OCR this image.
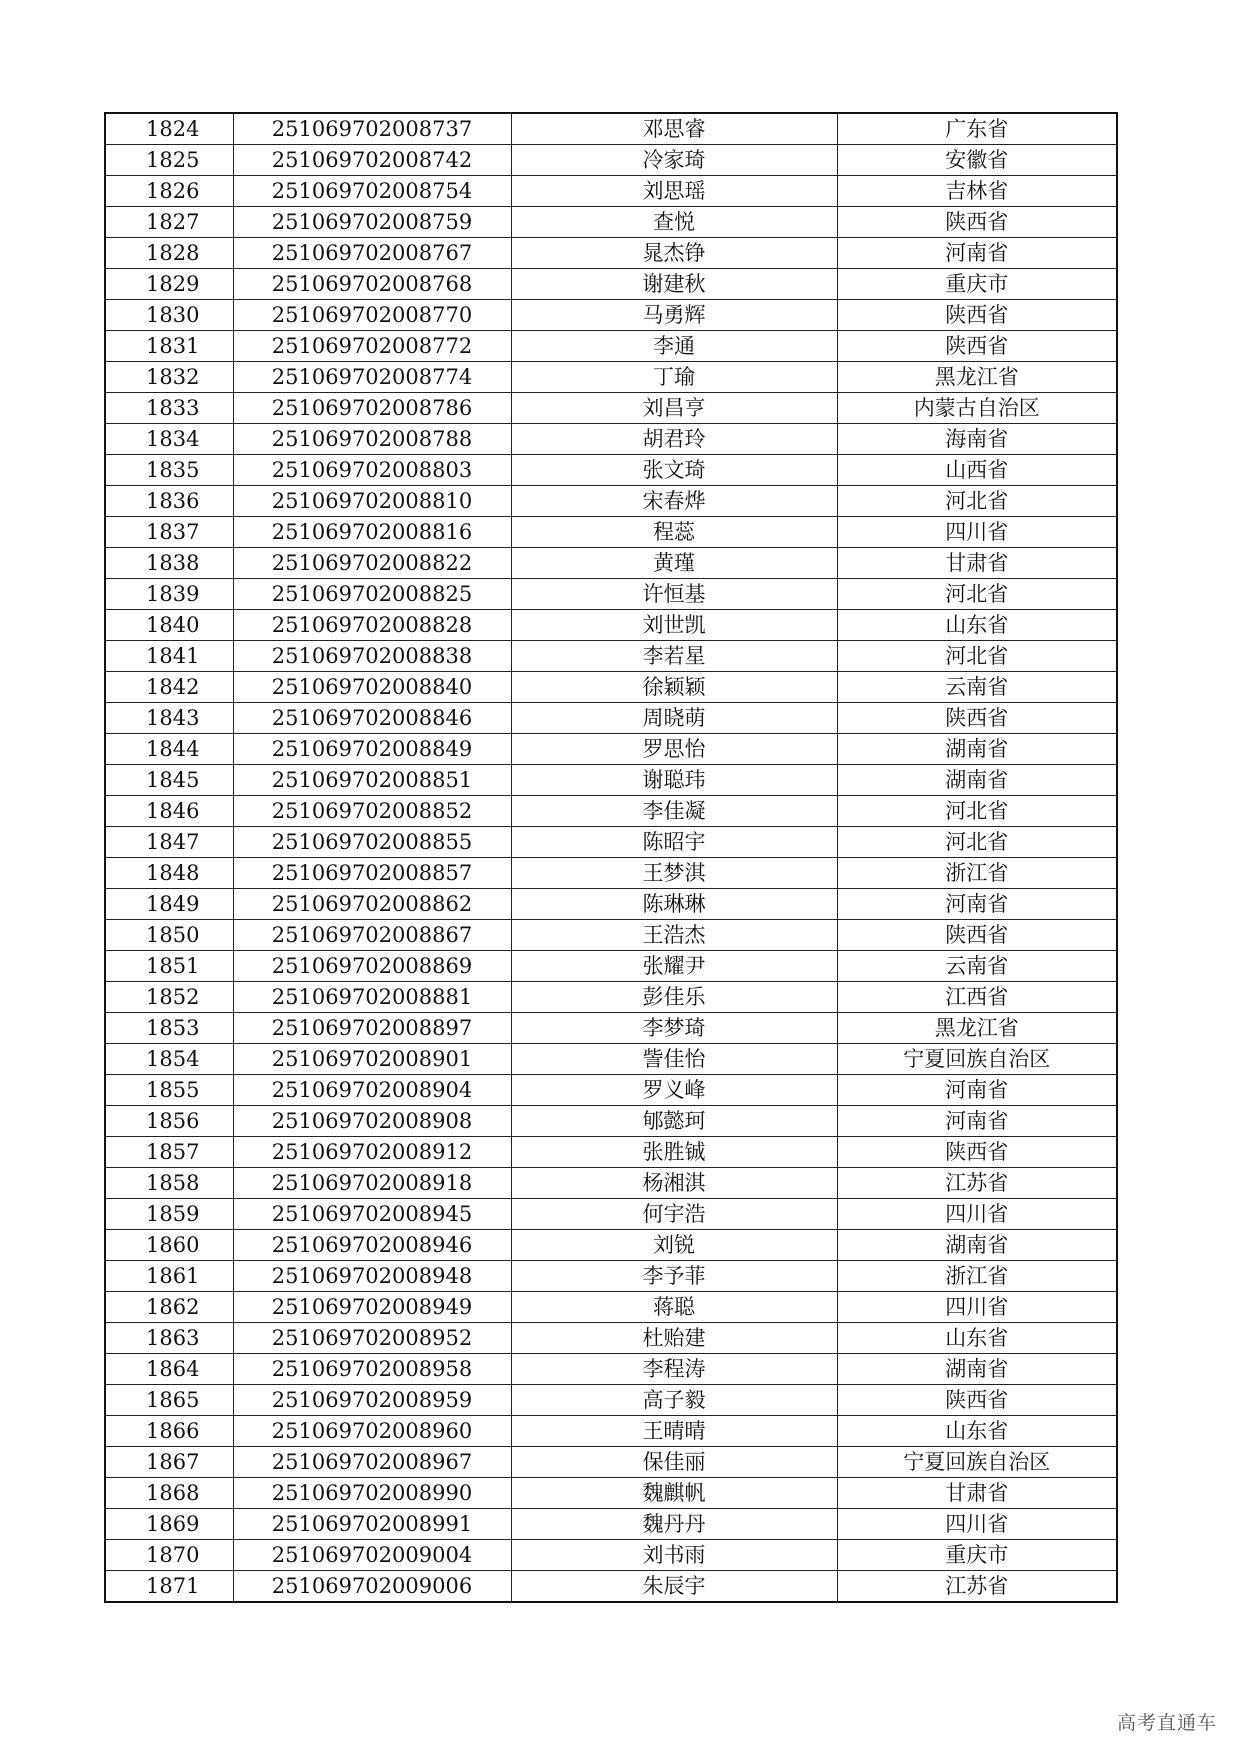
1824	251069702008737	邓思睿	广东省
1825	251069702008742	冷家琦	安徽省
1826	251069702008754	刘思瑶	吉林省
1827	251069702008759	查悦	陕西省
1828	251069702008767	晁杰铮	河南省
1829	251069702008768	谢建秋	重庆市
1830	251069702008770	马勇辉	陕西省
1831	251069702008772	李通	陕西省
1832	251069702008774	丁瑜	黑龙江省
1833	251069702008786	刘昌亨	内蒙古自治区
1834	251069702008788	胡君玲	海南省
1835	251069702008803	张文琦	山西省
1836	251069702008810	宋春烨	河北省
1837	251069702008816	程蕊	四川省
1838	251069702008822	黄瑾	甘肃省
1839	251069702008825	许恒基	河北省
1840	251069702008828	刘世凯	山东省
1841	251069702008838	李若星	河北省
1842	251069702008840	徐颖颖	云南省
1843	251069702008846	周晓萌	陕西省
1844	251069702008849	罗思怡	湖南省
1845	251069702008851	谢聪玮	湖南省
1846	251069702008852	李佳凝	河北省
1847	251069702008855	陈昭宇	河北省
1848	251069702008857	王梦淇	浙江省
1849	251069702008862	陈琳琳	河南省
1850	251069702008867	王浩杰	陕西省
1851	251069702008869	张耀尹	云南省
1852	251069702008881	彭佳乐	江西省
1853	251069702008897	李梦琦	黑龙江省
1854	251069702008901	訾佳怡	宁夏回族自治区
1855	251069702008904	罗义峰	河南省
1856	251069702008908	郇懿珂	河南省
1857	251069702008912	张胜铖	陕西省
1858	251069702008918	杨湘淇	江苏省
1859	251069702008945	何宇浩	四川省
1860	251069702008946	刘锐	湖南省
1861	251069702008948	李予菲	浙江省
1862	251069702008949	蒋聪	四川省
1863	251069702008952	杜贻建	山东省
1864	251069702008958	李程涛	湖南省
1865	251069702008959	高子毅	陕西省
1866	251069702008960	王晴晴	山东省
1867	251069702008967	保佳丽	宁夏回族自治区
1868	251069702008990	魏麒帆	甘肃省
1869	251069702008991	魏丹丹	四川省
1870	251069702009004	刘书雨	重庆市
1871	251069702009006	朱辰宇	江苏省
高考直通车
